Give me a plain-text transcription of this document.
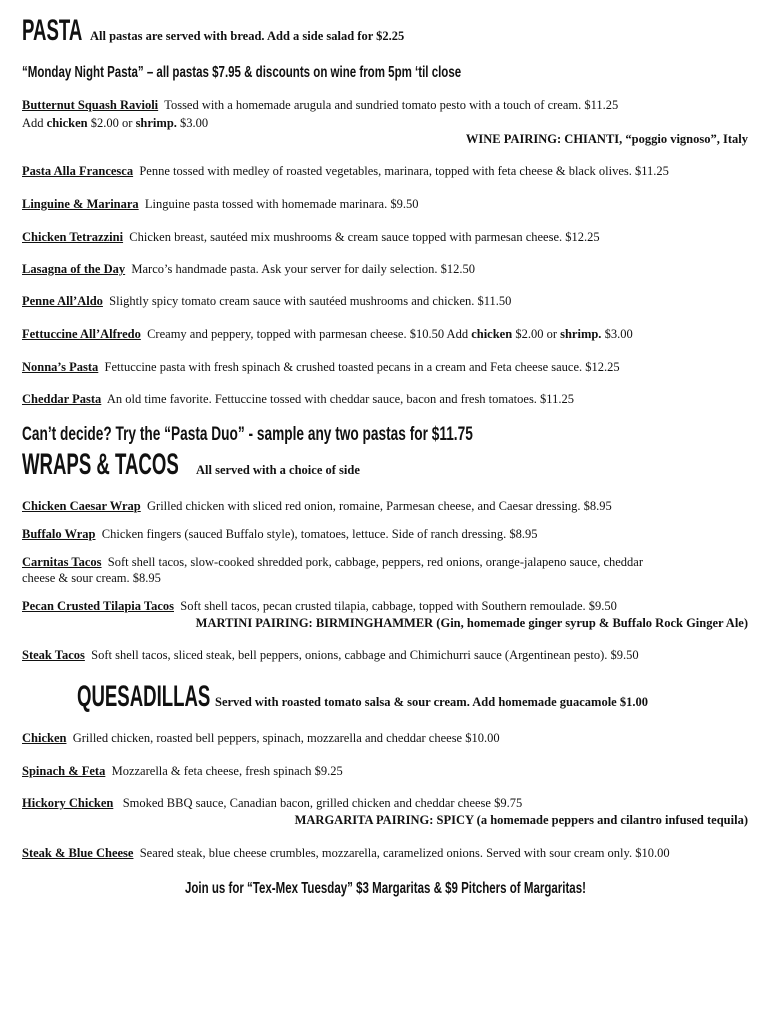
PASTA All pastas are served with bread. Add a side salad for $2.25
“Monday Night Pasta” – all pastas $7.95 & discounts on wine from 5pm ‘til close
Butternut Squash Ravioli Tossed with a homemade arugula and sundried tomato pesto with a touch of cream. $11.25
Add chicken $2.00 or shrimp. $3.00
WINE PAIRING: CHIANTI, “poggio vignoso”, Italy
Pasta Alla Francesca Penne tossed with medley of roasted vegetables, marinara, topped with feta cheese & black olives. $11.25
Linguine & Marinara Linguine pasta tossed with homemade marinara. $9.50
Chicken Tetrazzini Chicken breast, sautéed mix mushrooms & cream sauce topped with parmesan cheese. $12.25
Lasagna of the Day Marco’s handmade pasta. Ask your server for daily selection. $12.50
Penne All’Aldo Slightly spicy tomato cream sauce with sautéed mushrooms and chicken. $11.50
Fettuccine All’Alfredo Creamy and peppery, topped with parmesan cheese. $10.50 Add chicken $2.00 or shrimp. $3.00
Nonna’s Pasta Fettuccine pasta with fresh spinach & crushed toasted pecans in a cream and Feta cheese sauce. $12.25
Cheddar Pasta An old time favorite. Fettuccine tossed with cheddar sauce, bacon and fresh tomatoes. $11.25
Can’t decide? Try the “Pasta Duo” - sample any two pastas for $11.75
WRAPS & TACOS All served with a choice of side
Chicken Caesar Wrap Grilled chicken with sliced red onion, romaine, Parmesan cheese, and Caesar dressing. $8.95
Buffalo Wrap Chicken fingers (sauced Buffalo style), tomatoes, lettuce. Side of ranch dressing. $8.95
Carnitas Tacos Soft shell tacos, slow-cooked shredded pork, cabbage, peppers, red onions, orange-jalapeno sauce, cheddar
cheese & sour cream. $8.95
Pecan Crusted Tilapia Tacos Soft shell tacos, pecan crusted tilapia, cabbage, topped with Southern remoulade. $9.50
MARTINI PAIRING: BIRMINGHAMMER (Gin, homemade ginger syrup & Buffalo Rock Ginger Ale)
Steak Tacos Soft shell tacos, sliced steak, bell peppers, onions, cabbage and Chimichurri sauce (Argentinean pesto). $9.50
QUESADILLAS Served with roasted tomato salsa & sour cream. Add homemade guacamole $1.00
Chicken Grilled chicken, roasted bell peppers, spinach, mozzarella and cheddar cheese $10.00
Spinach & Feta Mozzarella & feta cheese, fresh spinach $9.25
Hickory Chicken Smoked BBQ sauce, Canadian bacon, grilled chicken and cheddar cheese $9.75
MARGARITA PAIRING: SPICY (a homemade peppers and cilantro infused tequila)
Steak & Blue Cheese Seared steak, blue cheese crumbles, mozzarella, caramelized onions. Served with sour cream only. $10.00
Join us for “Tex-Mex Tuesday” $3 Margaritas & $9 Pitchers of Margaritas!
